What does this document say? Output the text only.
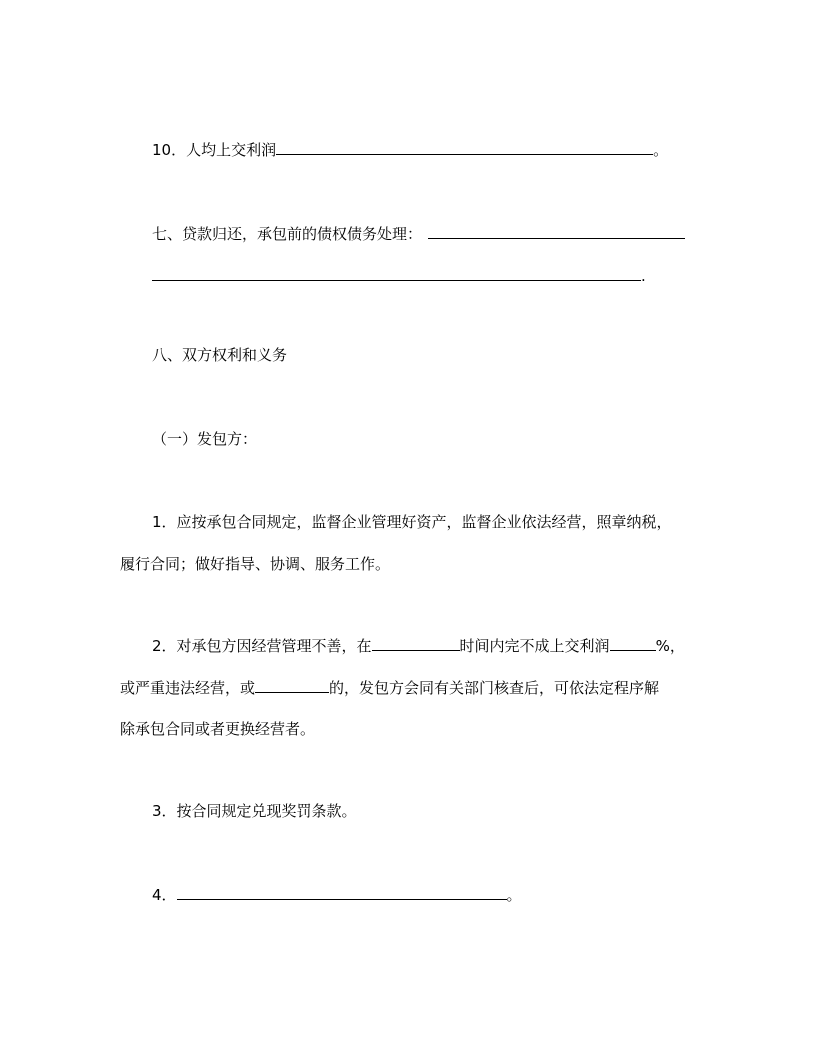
10．人均上交利润	。
七、贷款归还，承包前的债权债务处理：
.
八、双方权利和义务
（一）发包方：
1．应按承包合同规定，监督企业管理好资产，监督企业依法经营，照章纳税，
履行合同；做好指导、协调、服务工作。
2．对承包方因经营管理不善，在	时间内完不成上交利润	%，
或严重违法经营，或	的，发包方会同有关部门核查后，可依法定程序解
除承包合同或者更换经营者。
3．按合同规定兑现奖罚条款。
4．	。
